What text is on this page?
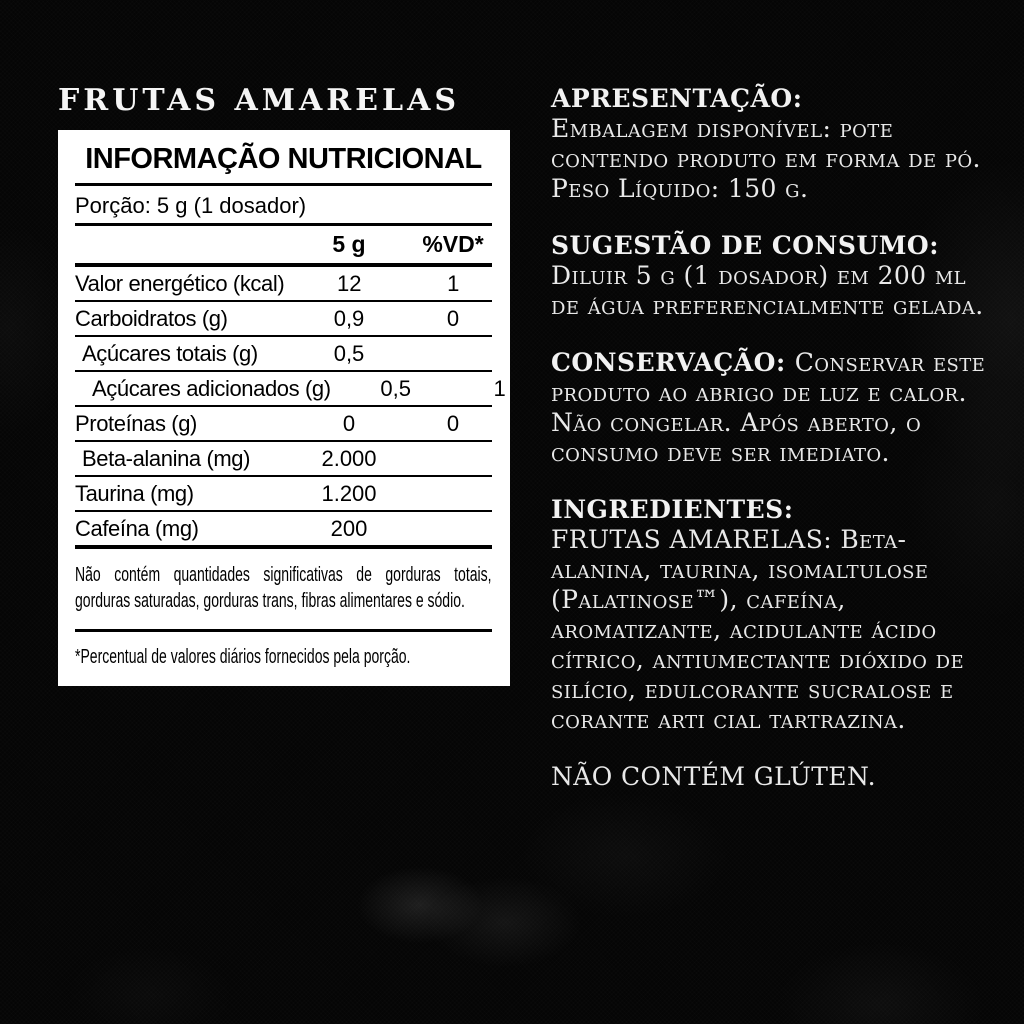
FRUTAS AMARELAS
INFORMAÇÃO NUTRICIONAL
Porção: 5 g (1 dosador)
5 g	%VD*
Valor energético (kcal)	12	1
Carboidratos (g)	0,9	0
Açúcares totais (g)	0,5
Açúcares adicionados (g)	0,5	1
Proteínas (g)	0	0
Beta-alanina (mg)	2.000
Taurina (mg)	1.200
Cafeína (mg)	200
Não contém quantidades significativas de gorduras totais, gorduras saturadas, gorduras trans, fibras alimentares e sódio.
*Percentual de valores diários fornecidos pela porção.
APRESENTAÇÃO:
Embalagem disponível: pote contendo produto em forma de pó. Peso Líquido: 150 g.
SUGESTÃO DE CONSUMO:
Diluir 5 g (1 dosador) em 200 ml de água preferencialmente gelada.
CONSERVAÇÃO: Conservar este produto ao abrigo de luz e calor. Não congelar. Após aberto, o consumo deve ser imediato.
INGREDIENTES:
FRUTAS AMARELAS: Beta-alanina, taurina, isomaltulose (Palatinose™), cafeína, aromatizante, acidulante ácido cítrico, antiumectante dióxido de silício, edulcorante sucralose e corante arti cial tartrazina.
NÃO CONTÉM GLÚTEN.
